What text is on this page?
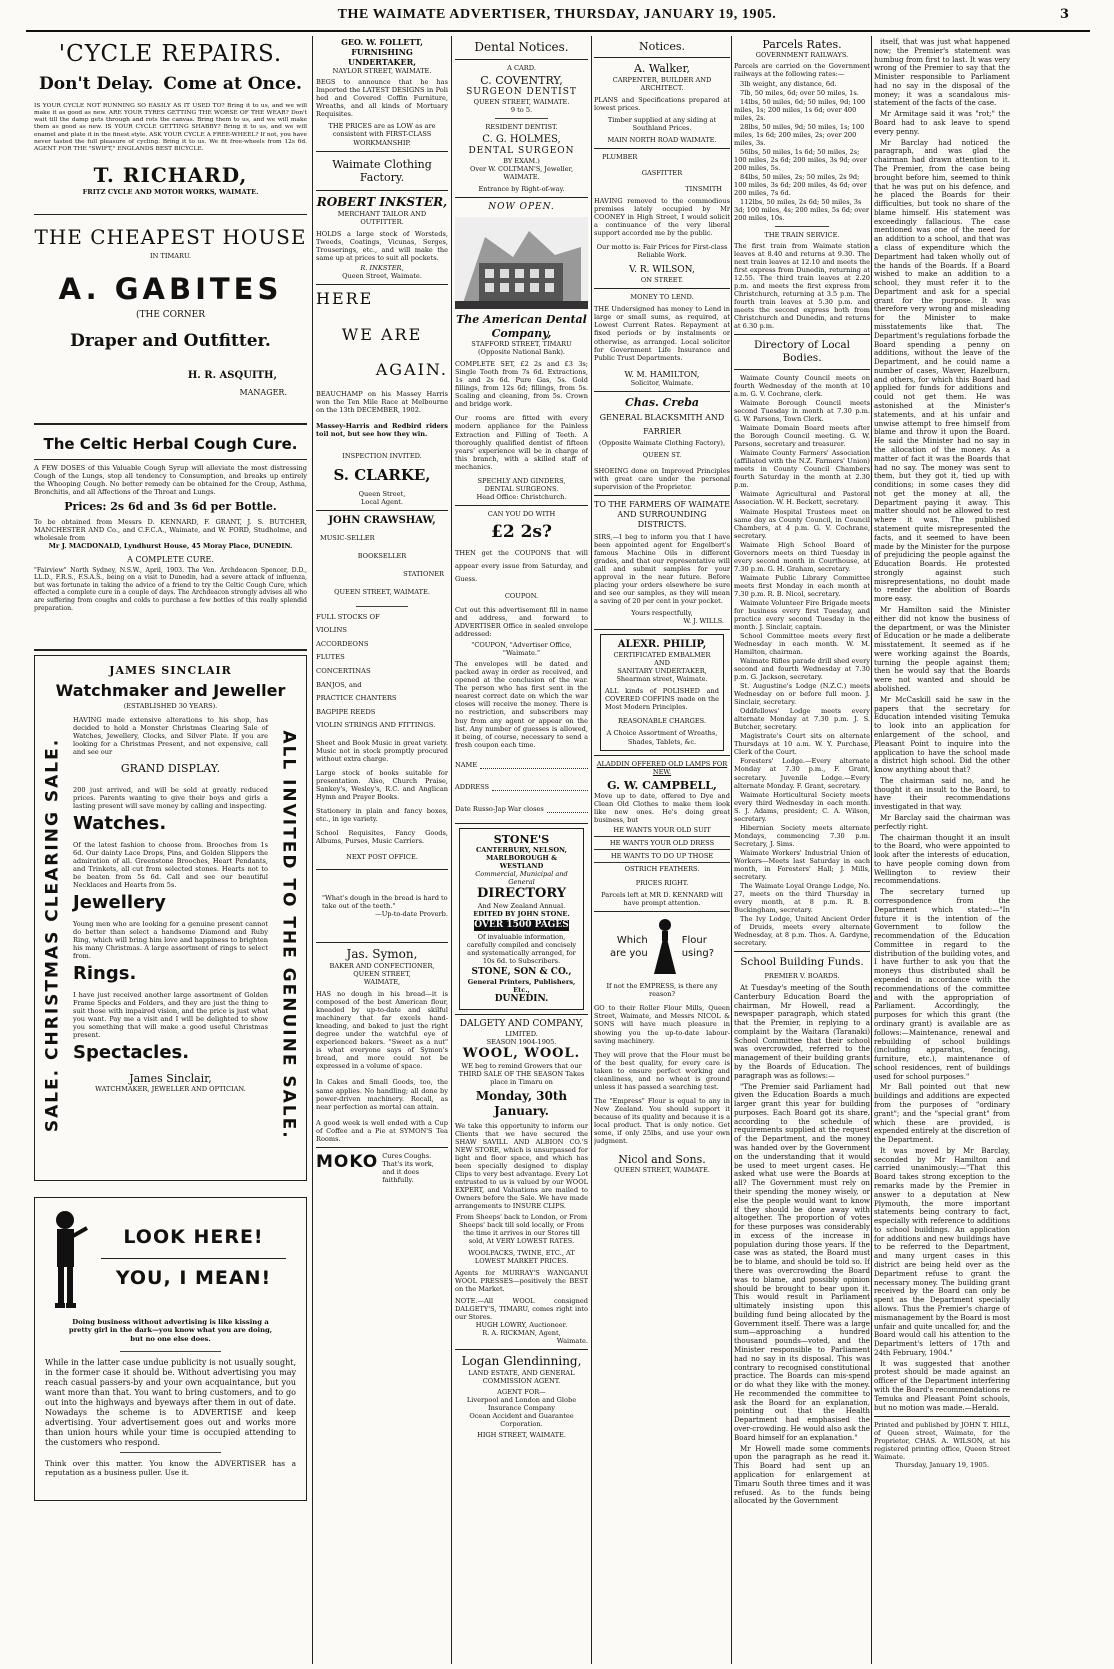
THE WAIMATE ADVERTISER, THURSDAY, JANUARY 19, 1905.	3
'CYCLE REPAIRS.
Don't Delay. Come at Once.
IS YOUR CYCLE NOT RUNNING SO EASILY AS IT USED TO? Bring it to us, and we will make it as good as new. ARE YOUR TYRES GETTING THE WORSE OF THE WEAR? Don't wait till the damp gets through and rots the canvas. Bring them to us, and we will make them as good as new. IS YOUR CYCLE GETTING SHABBY? Bring it to us, and we will enamel and plate it in the finest style. ASK YOUR CYCLE A FREE-WHEEL? If not, you have never tasted the full pleasure of cycling. Bring it to us. We fit free-wheels from 12s 6d. AGENT FOR THE "SWIFT," ENGLANDS BEST BICYCLE.
T. RICHARD,
FRITZ CYCLE AND MOTOR WORKS, WAIMATE.
THE CHEAPEST HOUSE
IN TIMARU.
A. GABITES
(THE CORNER
Draper and Outfitter.
H. R. ASQUITH,
MANAGER.
The Celtic Herbal Cough Cure.
A FEW DOSES of this Valuable Cough Syrup will alleviate the most distressing Cough of the Lungs, stop all tendency to Consumption, and breaks up entirely the Whooping Cough. No better remedy can be obtained for the Croup, Asthma, Bronchitis, and all Affections of the Throat and Lungs.
Prices: 2s 6d and 3s 6d per Bottle.
To be obtained from Messrs D. KENNARD, F. GRANT, J. S. BUTCHER, MANCHESTER AND Co., and C.F.C.A., Waimate, and W. FORD, Studholme, and wholesale from
Mr J. MACDONALD, Lyndhurst House, 45 Moray Place, DUNEDIN.
A COMPLETE CURE.
"Fairview" North Sydney, N.S.W., April, 1903. The Ven. Archdeacon Spencer, D.D., LL.D., F.R.S., F.S.A.S., being on a visit to Dunedin, had a severe attack of influenza, but was fortunate in taking the advice of a friend to try the Celtic Cough Cure, which effected a complete cure in a couple of days. The Archdeacon strongly advises all who are suffering from coughs and colds to purchase a few bottles of this really splendid preparation.
SALE. CHRISTMAS CLEARING SALE.	ALL INVITED TO THE GENUINE SALE.
JAMES SINCLAIR
Watchmaker and Jeweller
(ESTABLISHED 30 YEARS).
HAVING made extensive alterations to his shop, has decided to hold a Monster Christmas Clearing Sale of Watches, Jewellery, Clocks, and Silver Plate. If you are looking for a Christmas Present, and not expensive, call and see our
GRAND DISPLAY.
200 just arrived, and will be sold at greatly reduced prices. Parents wanting to give their boys and girls a lasting present will save money by calling and inspecting.
Watches.
Of the latest fashion to choose from. Brooches from 1s 6d. Our dainty Lace Drops, Pins, and Golden Slippers the admiration of all. Greenstone Brooches, Heart Pendants, and Trinkets, all cut from selected stones. Hearts not to be beaten from 5s 6d. Call and see our beautiful Necklaces and Hearts from 5s.
Jewellery
Young men who are looking for a genuine present cannot do better than select a handsome Diamond and Ruby Ring, which will bring him love and happiness to brighten his many Christmas. A large assortment of rings to select from.
Rings.
I have just received another large assortment of Golden Frame Specks and Folders, and they are just the thing to suit those with impaired vision, and the price is just what you want. Pay me a visit and I will be delighted to show you something that will make a good useful Christmas present.
Spectacles.
James Sinclair,
WATCHMAKER, JEWELLER AND OPTICIAN.
LOOK HERE!
YOU, I MEAN!
Doing business without advertising is like kissing a pretty girl in the dark—you know what you are doing, but no one else does.
While in the latter case undue publicity is not usually sought, in the former case it should be. Without advertising you may reach casual passers-by and your own acquaintance, but you want more than that. You want to bring customers, and to go out into the highways and byeways after them in out of date. Nowadays the scheme is to ADVERTISE and keep advertising. Your advertisement goes out and works more than union hours while your time is occupied attending to the customers who respond.
Think over this matter. You know the ADVERTISER has a reputation as a business puller. Use it.
GEO. W. FOLLETT,
FURNISHING UNDERTAKER,
NAYLOR STREET, WAIMATE.
BEGS to announce that he has Imported the LATEST DESIGNS in Poli hed and Covered Coffin Furniture, Wreaths, and all kinds of Mortuary Requisites.
THE PRICES are as LOW as are consistent with FIRST-CLASS WORKMANSHIP.
Waimate Clothing Factory.
ROBERT INKSTER,
MERCHANT TAILOR AND OUTFITTER.
HOLDS a large stock of Worsteds, Tweeds, Coatings, Vicunas, Serges, Trouserings, etc., and will make the same up at prices to suit all pockets.
R. INKSTER,
Queen Street, Waimate.
HERE
WE ARE
AGAIN.
BEAUCHAMP on his Massey Harris won the Ten Mile Race at Melbourne on the 13th DECEMBER, 1902.
Massey-Harris and Redbird riders toil not, but see how they win.
INSPECTION INVITED.
S. CLARKE,
Queen Street,
Local Agent.
JOHN CRAWSHAW,
MUSIC-SELLER
BOOKSELLER
STATIONER
QUEEN STREET, WAIMATE.
FULL STOCKS OF
VIOLINS
ACCORDEONS
FLUTES
CONCERTINAS
BANJOS, and
PRACTICE CHANTERS
BAGPIPE REEDS
VIOLIN STRINGS AND FITTINGS.
Sheet and Book Music in great variety. Music not in stock promptly procured without extra charge.
Large stock of books suitable for presentation. Also, Church Praise, Sankey's, Wesley's, R.C. and Anglican Hymn and Prayer Books.
Stationery in plain and fancy boxes, etc., in ige variety.
School Requisites, Fancy Goods, Albums, Purses, Music Carriers.
NEXT POST OFFICE.
"What's dough in the bread is hard to take out of the teeth."
—Up-to-date Proverb.
Jas. Symon,
BAKER AND CONFECTIONER,
QUEEN STREET,
WAIMATE,
HAS no dough in his bread—it is composed of the best American flour, kneaded by up-to-date and skilful machinery that far excels hand-kneading, and baked to just the right degree under the watchful eye of experienced bakers. "Sweet as a nut" is what everyone says of Symon's bread, and more could not be expressed in a volume of space.
In Cakes and Small Goods, too, the same applies. No handling; all done by power-driven machinery. Recall, as near perfection as mortal can attain.
A good week is well ended with a Cup of Coffee and a Pie at SYMON'S Tea Rooms.
MOKO Cures Coughs. That's its work, and it does faithfully.
Dental Notices.
A CARD.
C. COVENTRY,
SURGEON DENTIST
QUEEN STREET, WAIMATE.
9 to 5.
RESIDENT DENTIST.
C. G. HOLMES,
DENTAL SURGEON
BY EXAM.)
Over W. COLTMAN'S, Jeweller, WAIMATE.
Entrance by Right-of-way.
NOW OPEN.
The American Dental Company,
STAFFORD STREET, TIMARU
(Opposite National Bank).
COMPLETE SET, £2 2s and £3 3s; Single Tooth from 7s 6d. Extractions, 1s and 2s 6d. Pure Gas, 5s. Gold fillings, from 12s 6d; fillings, from 5s. Scaling and cleaning, from 5s. Crown and bridge work.
Our rooms are fitted with every modern appliance for the Painless Extraction and Filling of Teeth. A thoroughly qualified dentist of fifteen years' experience will be in charge of this branch, with a skilled staff of mechanics.
SPECHLY AND GINDERS,
DENTAL SURGEONS.
Head Office: Christchurch.
CAN YOU DO WITH
£2 2s?
THEN get the COUPONS that will appear every issue from Saturday, and Guess.
COUPON.
Cut out this advertisement fill in name and address, and forward to ADVERTISER Office in sealed envelope addressed:
"COUPON, "Advertiser Office, "Waimate."
The envelopes will be dated and packed away in order as received, and opened at the conclusion of the war. The person who has first sent in the nearest correct date on which the war closes will receive the money. There is no restriction, and subscribers may buy from any agent or appear on the list. Any number of guesses is allowed, it being, of course, necessary to send a fresh coupon each time.
NAME
ADDRESS
Date Russo-Jap War closes
STONE'S
CANTERBURY, NELSON, MARLBOROUGH & WESTLAND
Commercial, Municipal and General
DIRECTORY
And New Zealand Annual.
EDITED BY JOHN STONE.
OVER 1500 PAGES
Of invaluable information, carefully compiled and concisely and systematically arranged, for 10s 6d. to Subscribers.
STONE, SON & CO.,
General Printers, Publishers, Etc.,
DUNEDIN.
DALGETY AND COMPANY,
LIMITED.
SEASON 1904-1905.
WOOL, WOOL.
WE beg to remind Growers that our THIRD SALE OF THE SEASON Takes place in Timaru on
Monday, 30th January.
We take this opportunity to inform our Clients that we have secured the SHAW SAVILL AND ALBION CO.'S NEW STORE, which is unsurpassed for light and floor space, and which has been specially designed to display Clips to very best advantage. Every Lot entrusted to us is valued by our WOOL EXPERT, and Valuations are mailed to Owners before the Sale. We have made arrangements to INSURE CLIPS.
From Sheeps' back to London, or From Sheeps' back till sold locally, or From the time it arrives in our Stores till sold, At VERY LOWEST RATES.
WOOLPACKS, TWINE, ETC., AT LOWEST MARKET PRICES.
Agents for MURRAY'S WANGANUI WOOL PRESSES—positively the BEST on the Market.
NOTE.—All WOOL consigned DALGETY'S, TIMARU, comes right into our Stores.
HUGH LOWRY, Auctioneer.
R. A. RICKMAN, Agent,
Waimate.
Logan Glendinning,
LAND ESTATE, AND GENERAL COMMISSION AGENT.
AGENT FOR—
Liverpool and London and Globe Insurance Company
Ocean Accident and Guarantee Corporation.
HIGH STREET, WAIMATE.
Notices.
A. Walker,
CARPENTER, BUILDER AND ARCHITECT.
PLANS and Specifications prepared at lowest prices.
Timber supplied at any siding at Southland Prices.
MAIN NORTH ROAD WAIMATE.
PLUMBER
GASFITTER
TINSMITH
HAVING removed to the commodious premises lately occupied by Mr COONEY in High Street, I would solicit a continuance of the very liberal support accorded me by the public.
Our motto is: Fair Prices for First-class Reliable Work.
V. R. WILSON,
ON STREET.
MONEY TO LEND.
THE Undersigned has money to Lend in large or small sums, as required, at Lowest Current Rates. Repayment at fixed periods or by instalments or otherwise, as arranged. Local solicitor for Government Life Insurance and Public Trust Departments.
W. M. HAMILTON,
Solicitor, Waimate.
Chas. Creba
GENERAL BLACKSMITH AND
FARRIER
(Opposite Waimate Clothing Factory),
QUEEN ST.
SHOEING done on Improved Principles with great care under the personal supervision of the Proprietor.
TO THE FARMERS OF WAIMATE AND SURROUNDING DISTRICTS.
SIRS,—I beg to inform you that I have been appointed agent for Engelbert's famous Machine Oils in different grades, and that our representative will call and submit samples for your approval in the near future. Before placing your orders elsewhere be sure and see our samples, as they will mean a saving of 20 per cent in your pocket.
Yours respectfully,
W. J. WILLS.
ALEXR. PHILIP,
CERTIFICATED EMBALMER
AND
SANITARY UNDERTAKER,
Shearman street, Waimate.
ALL kinds of POLISHED and COVERED COFFINS made on the Most Modern Principles.
REASONABLE CHARGES.
A Choice Assortment of Wreaths, Shades, Tablets, &c.
ALADDIN OFFERED OLD LAMPS FOR NEW.
G. W. CAMPBELL,
Move up to date, offered to Dye and Clean Old Clothes to make them look like new ones. He's doing great business, but
HE WANTS YOUR OLD SUIT
HE WANTS YOUR OLD DRESS
HE WANTS TO DO UP THOSE
OSTRICH FEATHERS.
PRICES RIGHT.
Parcels left at MR D. KENNARD will have prompt attention.
Which
are you
Flour
using?
If not the EMPRESS, is there any reason?
GO to their Roller Flour Mills, Queen Street, Waimate, and Messrs NICOL & SONS will have much pleasure in showing you the up-to-date labour-saving machinery.
They will prove that the Flour must be of the best quality, for every care is taken to ensure perfect working and cleanliness, and no wheat is ground unless it has passed a searching test.
The "Empress" Flour is equal to any in New Zealand. You should support it because of its quality and because it is a local product. That is only notice. Get some, if only 25lbs, and use your own judgment.
Nicol and Sons.
QUEEN STREET, WAIMATE.
Parcels Rates.
GOVERNMENT RAILWAYS.
Parcels are carried on the Government railways at the following rates:—
3lb weight, any distance, 6d.
7lb, 50 miles, 6d; over 50 miles, 1s.
14lbs, 50 miles, 6d; 50 miles, 9d; 100 miles, 1s; 200 miles, 1s 6d; over 400 miles, 2s.
28lbs, 50 miles, 9d; 50 miles, 1s; 100 miles, 1s 6d; 200 miles, 2s; over 200 miles, 3s.
56lbs, 50 miles, 1s 6d; 50 miles, 2s; 100 miles, 2s 6d; 200 miles, 3s 9d; over 200 miles, 5s.
84lbs, 50 miles, 2s; 50 miles, 2s 9d; 100 miles, 3s 6d; 200 miles, 4s 6d; over 200 miles, 7s 6d.
112lbs, 50 miles, 2s 6d; 50 miles, 3s 3d; 100 miles, 4s; 200 miles, 5s 6d; over 200 miles, 10s.
THE TRAIN SERVICE.
The first train from Waimate station leaves at 8.40 and returns at 9.30. The next train leaves at 12.10 and meets the first express from Dunedin, returning at 12.55. The third train leaves at 2.20 p.m. and meets the first express from Christchurch, returning at 3.5 p.m. The fourth train leaves at 5.30 p.m. and meets the second express both from Christchurch and Dunedin, and returns at 6.30 p.m.
Directory of Local Bodies.
Waimate County Council meets on fourth Wednesday of the month at 10 a.m. G. V. Cochrane, clerk.
Waimate Borough Council meets second Tuesday in month at 7.30 p.m. G. W. Parsons, Town Clerk.
Waimate Domain Board meets after the Borough Council meeting. G. W. Parsons, secretary and treasurer.
Waimate County Farmers' Association (affiliated with the N.Z. Farmers' Union) meets in County Council Chambers fourth Saturday in the month at 2.30 p.m.
Waimate Agricultural and Pastoral Association. W. H. Beckett, secretary.
Waimate Hospital Trustees meet on same day as County Council, in Council Chambers, at 4 p.m. G. V. Cochrane, secretary.
Waimate High School Board of Governors meets on third Tuesday in every second month in Courthouse, at 7.30 p.m. G. H. Graham, secretary.
Waimate Public Library Committee meets first Monday in each month at 7.30 p.m. R. B. Nicol, secretary.
Waimate Volunteer Fire Brigade meets for business every first Tuesday, and practice every second Tuesday in the month. J. Sinclair, captain.
School Committee meets every first Wednesday in each month. W. M. Hamilton, chairman.
Waimate Rifles parade drill shed every second and fourth Wednesday at 7.30 p.m. G. Jackson, secretary.
St. Augustine's Lodge (N.Z.C.) meets Wednesday on or before full moon. J. Sinclair, secretary.
Oddfellows' Lodge meets every alternate Monday at 7.30 p.m. J. S. Butcher, secretary.
Magistrate's Court sits on alternate Thursdays at 10 a.m. W. Y. Purchase, Clerk of the Court.
Foresters' Lodge.—Every alternate Monday at 7.30 p.m., F. Grant, secretary. Juvenile Lodge.—Every alternate Monday. F. Grant, secretary.
Waimate Horticultural Society meets every third Wednesday in each month. S. J. Adams, president; C. A. Wilson, secretary.
Hibernian Society meets alternate Mondays, commencing 7.30 p.m. Secretary, J. Sims.
Waimate Workers' Industrial Union of Workers—Meets last Saturday in each month, in Foresters' Hall; J. Mills, secretary.
The Waimate Loyal Orange Lodge, No. 27, meets on the third Thursday in every month, at 8 p.m. R. B. Buckingham, secretary.
The Ivy Lodge, United Ancient Order of Druids, meets every alternate Wednesday, at 8 p.m. Thos. A. Gardyne, secretary.
School Building Funds.
PREMIER V. BOARDS.
At Tuesday's meeting of the South Canterbury Education Board the chairman, Mr Howell, read a newspaper paragraph, which stated that the Premier, in replying to a complaint by the Waitara (Taranaki) School Committee that their school was overcrowded, referred to the management of their building grants by the Boards of Education. The paragraph was as follows:—
"The Premier said Parliament had given the Education Boards a much larger grant this year for building purposes. Each Board got its share, according to the schedule of requirements supplied at the request of the Department, and the money was handed over by the Government on the understanding that it would be used to meet urgent cases. He asked what use were the Boards at all? The Government must rely on their spending the money wisely, or else the people would want to know if they should be done away with altogether. The proportion of votes for these purposes was considerably in excess of the increase in population during those years. If the case was as stated, the Board must be to blame, and should be told so. If there was overcrowding the Board was to blame, and possibly opinion should be brought to bear upon it. This would result in Parliament ultimately insisting upon this building fund being allocated by the Government itself. There was a large sum—approaching a hundred thousand pounds—voted, and the Minister responsible to Parliament had no say in its disposal. This was contrary to recognised constitutional practice. The Boards can mis-spend or do what they like with the money. He recommended the committee to ask the Board for an explanation, pointing out that the Health Department had emphasised the over-crowding. He would also ask the Board himself for an explanation."
Mr Howell made some comments upon the paragraph as he read it. This Board had sent up an application for enlargement at Timaru South three times and it was refused. As to the funds being allocated by the Government
itself, that was just what happened now; the Premier's statement was humbug from first to last. It was very wrong of the Premier to say that the Minister responsible to Parliament had no say in the disposal of the money; it was a scandalous mis-statement of the facts of the case.
Mr Armitage said it was "rot;" the Board had to ask leave to spend every penny.
Mr Barclay had noticed the paragraph, and was glad the chairman had drawn attention to it. The Premier, from the case being brought before him, seemed to think that he was put on his defence, and he placed the Boards for their difficulties, but took no share of the blame himself. His statement was exceedingly fallacious. The case mentioned was one of the need for an addition to a school, and that was a class of expenditure which the Department had taken wholly out of the hands of the Boards. If a Board wished to make an addition to a school, they must refer it to the Department and ask for a special grant for the purpose. It was therefore very wrong and misleading for the Minister to make misstatements like that. The Department's regulations forbade the Board spending a penny on additions, without the leave of the Department, and he could name a number of cases, Waver, Hazelburn, and others, for which this Board had applied for funds for additions and could not get them. He was astonished at the Minister's statements, and at his unfair and unwise attempt to free himself from blame and throw it upon the Board. He said the Minister had no say in the allocation of the money. As a matter of fact it was the Boards that had no say. The money was sent to them, but they got it, tied up with conditions; in some cases they did not get the money at all, the Department paying it away. This matter should not be allowed to rest where it was. The published statement quite misrepresented the facts, and it seemed to have been made by the Minister for the purpose of prejudicing the people against the Education Boards. He protested strongly against such misrepresentations, no doubt made to render the abolition of Boards more easy.
Mr Hamilton said the Minister either did not know the business of the department, or was the Minister of Education or he made a deliberate misstatement. It seemed as if he were working against the Boards, turning the people against them; then he would say that the Boards were not wanted and should be abolished.
Mr McCaskill said he saw in the papers that the secretary for Education intended visiting Temuka to look into an application for enlargement of the school, and Pleasant Point to inquire into the application to have the school made a district high school. Did the other know anything about that?
The chairman said no, and he thought it an insult to the Board, to have their recommendations investigated in that way.
Mr Barclay said the chairman was perfectly right.
The chairman thought it an insult to the Board, who were appointed to look after the interests of education, to have people coming down from Wellington to review their recommendations.
The secretary turned up correspondence from the Department which stated:—"In future it is the intention of the Government to follow the recommendation of the Education Committee in regard to the distribution of the building votes, and I have further to ask you that the moneys thus distributed shall be expended in accordance with the recommendations of the committee and with the appropriation of Parliament. Accordingly, the purposes for which this grant (the ordinary grant) is available are as follows:—Maintenance, renewal and rebuilding of school buildings (including apparatus, fencing, furniture, etc.), maintenance of school residences, rent of buildings used for school purposes."
Mr Ball pointed out that new buildings and additions are expected from the purposes of "ordinary grant"; and the "special grant" from which these are provided, is expended entirely at the discretion of the Department.
It was moved by Mr Barclay, seconded by Mr Hamilton and carried unanimously:—"That this Board takes strong exception to the remarks made by the Premier in answer to a deputation at New Plymouth, the more important statements being contrary to fact, especially with reference to additions to school buildings. An application for additions and new buildings have to be referred to the Department, and many urgent cases in this district are being held over as the Department refuse to grant the necessary money. The building grant received by the Board can only be spent as the Department specially allows. Thus the Premier's charge of mismanagement by the Board is most unfair and quite uncalled for, and the Board would call his attention to the Department's letters of 17th and 24th February, 1904."
It was suggested that another protest should be made against an officer of the Department interfering with the Board's recommendations re Temuka and Pleasant Point schools, but no motion was made.—Herald.
Printed and published by JOHN T. HILL, of Queen street, Waimate, for the Proprietor, CHAS. A. WILSON, at his registered printing office, Queen Street Waimate.
Thursday, January 19, 1905.
